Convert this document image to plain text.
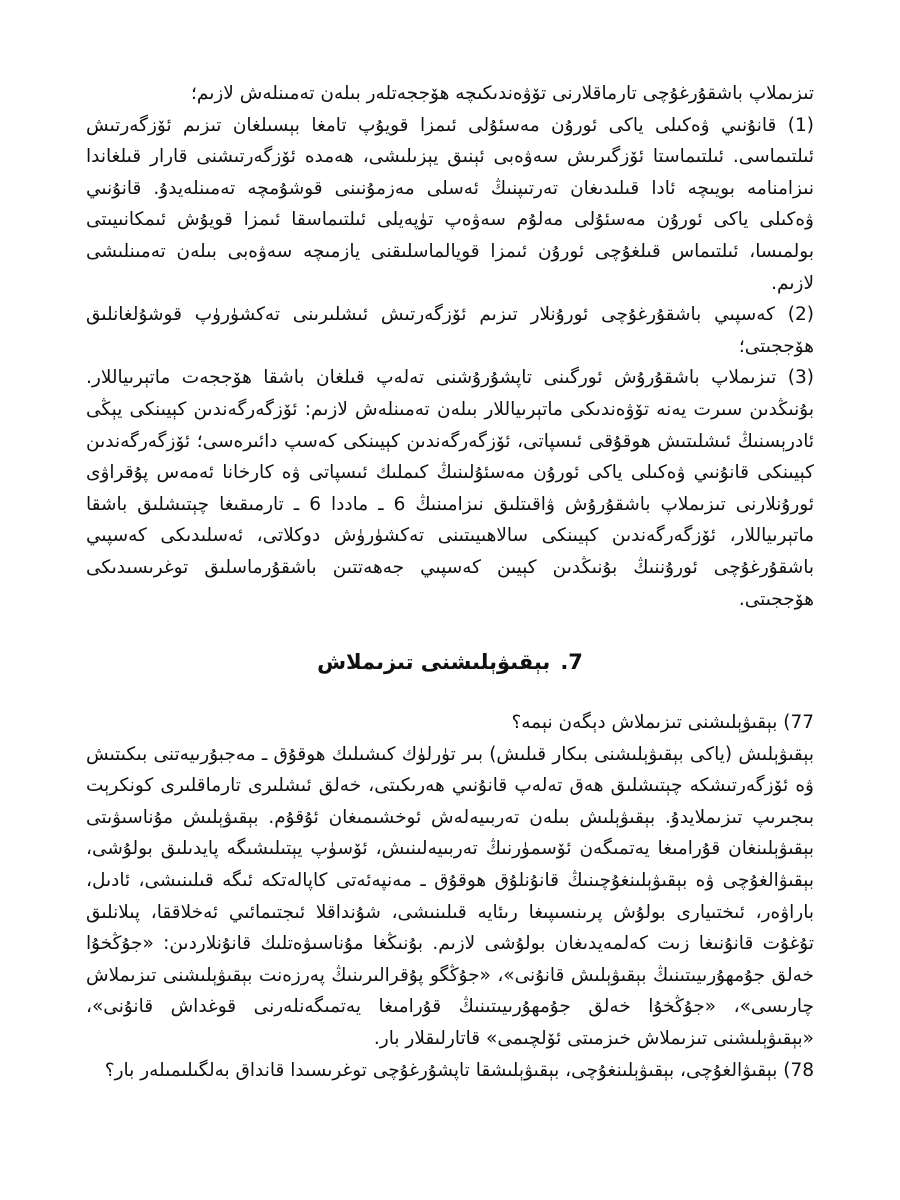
تىزىملاپ باشقۇرغۇچى تارماقلارنى تۆۋەندىكىچە ھۆججەتلەر بىلەن تەمىنلەش لازىم؛

(1) قانۇنىي ۋەكىلى ياكى ئورۇن مەسئۇلى ئىمزا قويۇپ تامغا بېسىلغان تىزىم ئۆزگەرتىش ئىلتىماسى. ئىلتىماستا ئۆزگىرىش سەۋەبى ئېنىق يېزىلىشى، ھەمدە ئۆزگەرتىشنى قارار قىلغاندا نىزامنامە بويىچە ئادا قىلىدىغان تەرتىپنىڭ ئەسلى مەزمۇنىنى قوشۇمچە تەمىنلەيدۇ. قانۇنىي ۋەكىلى ياكى ئورۇن مەسئۇلى مەلۇم سەۋەپ تۈپەيلى ئىلتىماسقا ئىمزا قويۇش ئىمكانىيىتى بولمىسا، ئىلتىماس قىلغۇچى ئورۇن ئىمزا قويالماسلىقنى يازمىچە سەۋەبى بىلەن تەمىنلىشى لازىم.

(2) كەسپىي باشقۇرغۇچى ئورۇنلار تىزىم ئۆزگەرتىش ئىشلىرىنى تەكشۈرۈپ قوشۇلغانلىق ھۆججىتى؛

(3) تىزىملاپ باشقۇرۇش ئورگىنى تاپشۇرۇشنى تەلەپ قىلغان باشقا ھۆججەت ماتېرىياللار. بۇنىڭدىن سىرت يەنە تۆۋەندىكى ماتېرىياللار بىلەن تەمىنلەش لازىم: ئۆزگەرگەندىن كېيىنكى يېڭى ئادرېسنىڭ ئىشلىتىش ھوقۇقى ئىسپاتى، ئۆزگەرگەندىن كېيىنكى كەسپ دائىرەسى؛ ئۆزگەرگەندىن كېيىنكى قانۇنىي ۋەكىلى ياكى ئورۇن مەسئۇلىنىڭ كىملىك ئىسپاتى ۋە كارخانا ئەمەس پۇقراۋى ئورۇنلارنى تىزىملاپ باشقۇرۇش ۋاقىتلىق نىزامىنىڭ 6 ـ ماددا 6 ـ تارمىقىغا چېتىشلىق باشقا ماتېرىياللار، ئۆزگەرگەندىن كېيىنكى سالاھىيىتىنى تەكشۈرۈش دوكلاتى، ئەسلىدىكى كەسپىي باشقۇرغۇچى ئورۇننىڭ بۇنىڭدىن كېيىن كەسپىي جەھەتتىن باشقۇرماسلىق توغرىسىدىكى ھۆججىتى.

7.بېقىۋېلىشنى تىزىملاش

77) بېقىۋېلىشنى تىزىملاش دېگەن نېمە؟

بېقىۋېلىش (ياكى بېقىۋېلىشنى بىكار قىلىش) بىر تۈرلۈك كىشىلىك ھوقۇق ـ مەجبۇرىيەتنى بىكىتىش ۋە ئۆزگەرتىشكە چېتىشلىق ھەق تەلەپ قانۇنىي ھەرىكىتى، خەلق ئىشلىرى تارماقلىرى كونكرېت بىجىرىپ تىزىملايدۇ. بېقىۋېلىش بىلەن تەربىيەلەش ئوخشىمىغان ئۇقۇم. بېقىۋېلىش مۇناسىۋىتى بېقىۋېلىنغان قۇرامىغا يەتمىگەن ئۆسمۈرنىڭ تەربىيەلىنىش، ئۆسۈپ يېتىلىشىگە پايدىلىق بولۇشى، بېقىۋالغۇچى ۋە بېقىۋېلىنغۇچىنىڭ قانۇنلۇق ھوقۇق ـ مەنپەئەتى كاپالەتكە ئىگە قىلىنىشى، ئادىل، باراۋەر، ئىختىيارى بولۇش پرىنسىپىغا رىئايە قىلىنىشى، شۇنداقلا ئىجتىمائىي ئەخلاققا، پىلانلىق تۇغۇت قانۇنىغا زىت كەلمەيدىغان بولۇشى لازىم. بۇنىڭغا مۇناسىۋەتلىك قانۇنلاردىن: «جۇڭخۇا خەلق جۇمھۇرىيىتىنىڭ بېقىۋېلىش قانۇنى»، «جۇڭگو پۇقرالىرىنىڭ پەرزەنت بېقىۋېلىشنى تىزىملاش چارىسى»، «جۇڭخۇا خەلق جۇمھۇرىيىتىنىڭ قۇرامىغا يەتمىگەنلەرنى قوغداش قانۇنى»، «بېقىۋېلىشنى تىزىملاش خىزمىتى ئۆلچىمى» قاتارلىقلار بار.

78) بېقىۋالغۇچى، بېقىۋېلىنغۇچى، بېقىۋېلىشقا تاپشۇرغۇچى توغرىسىدا قانداق بەلگىلىمىلەر بار؟
